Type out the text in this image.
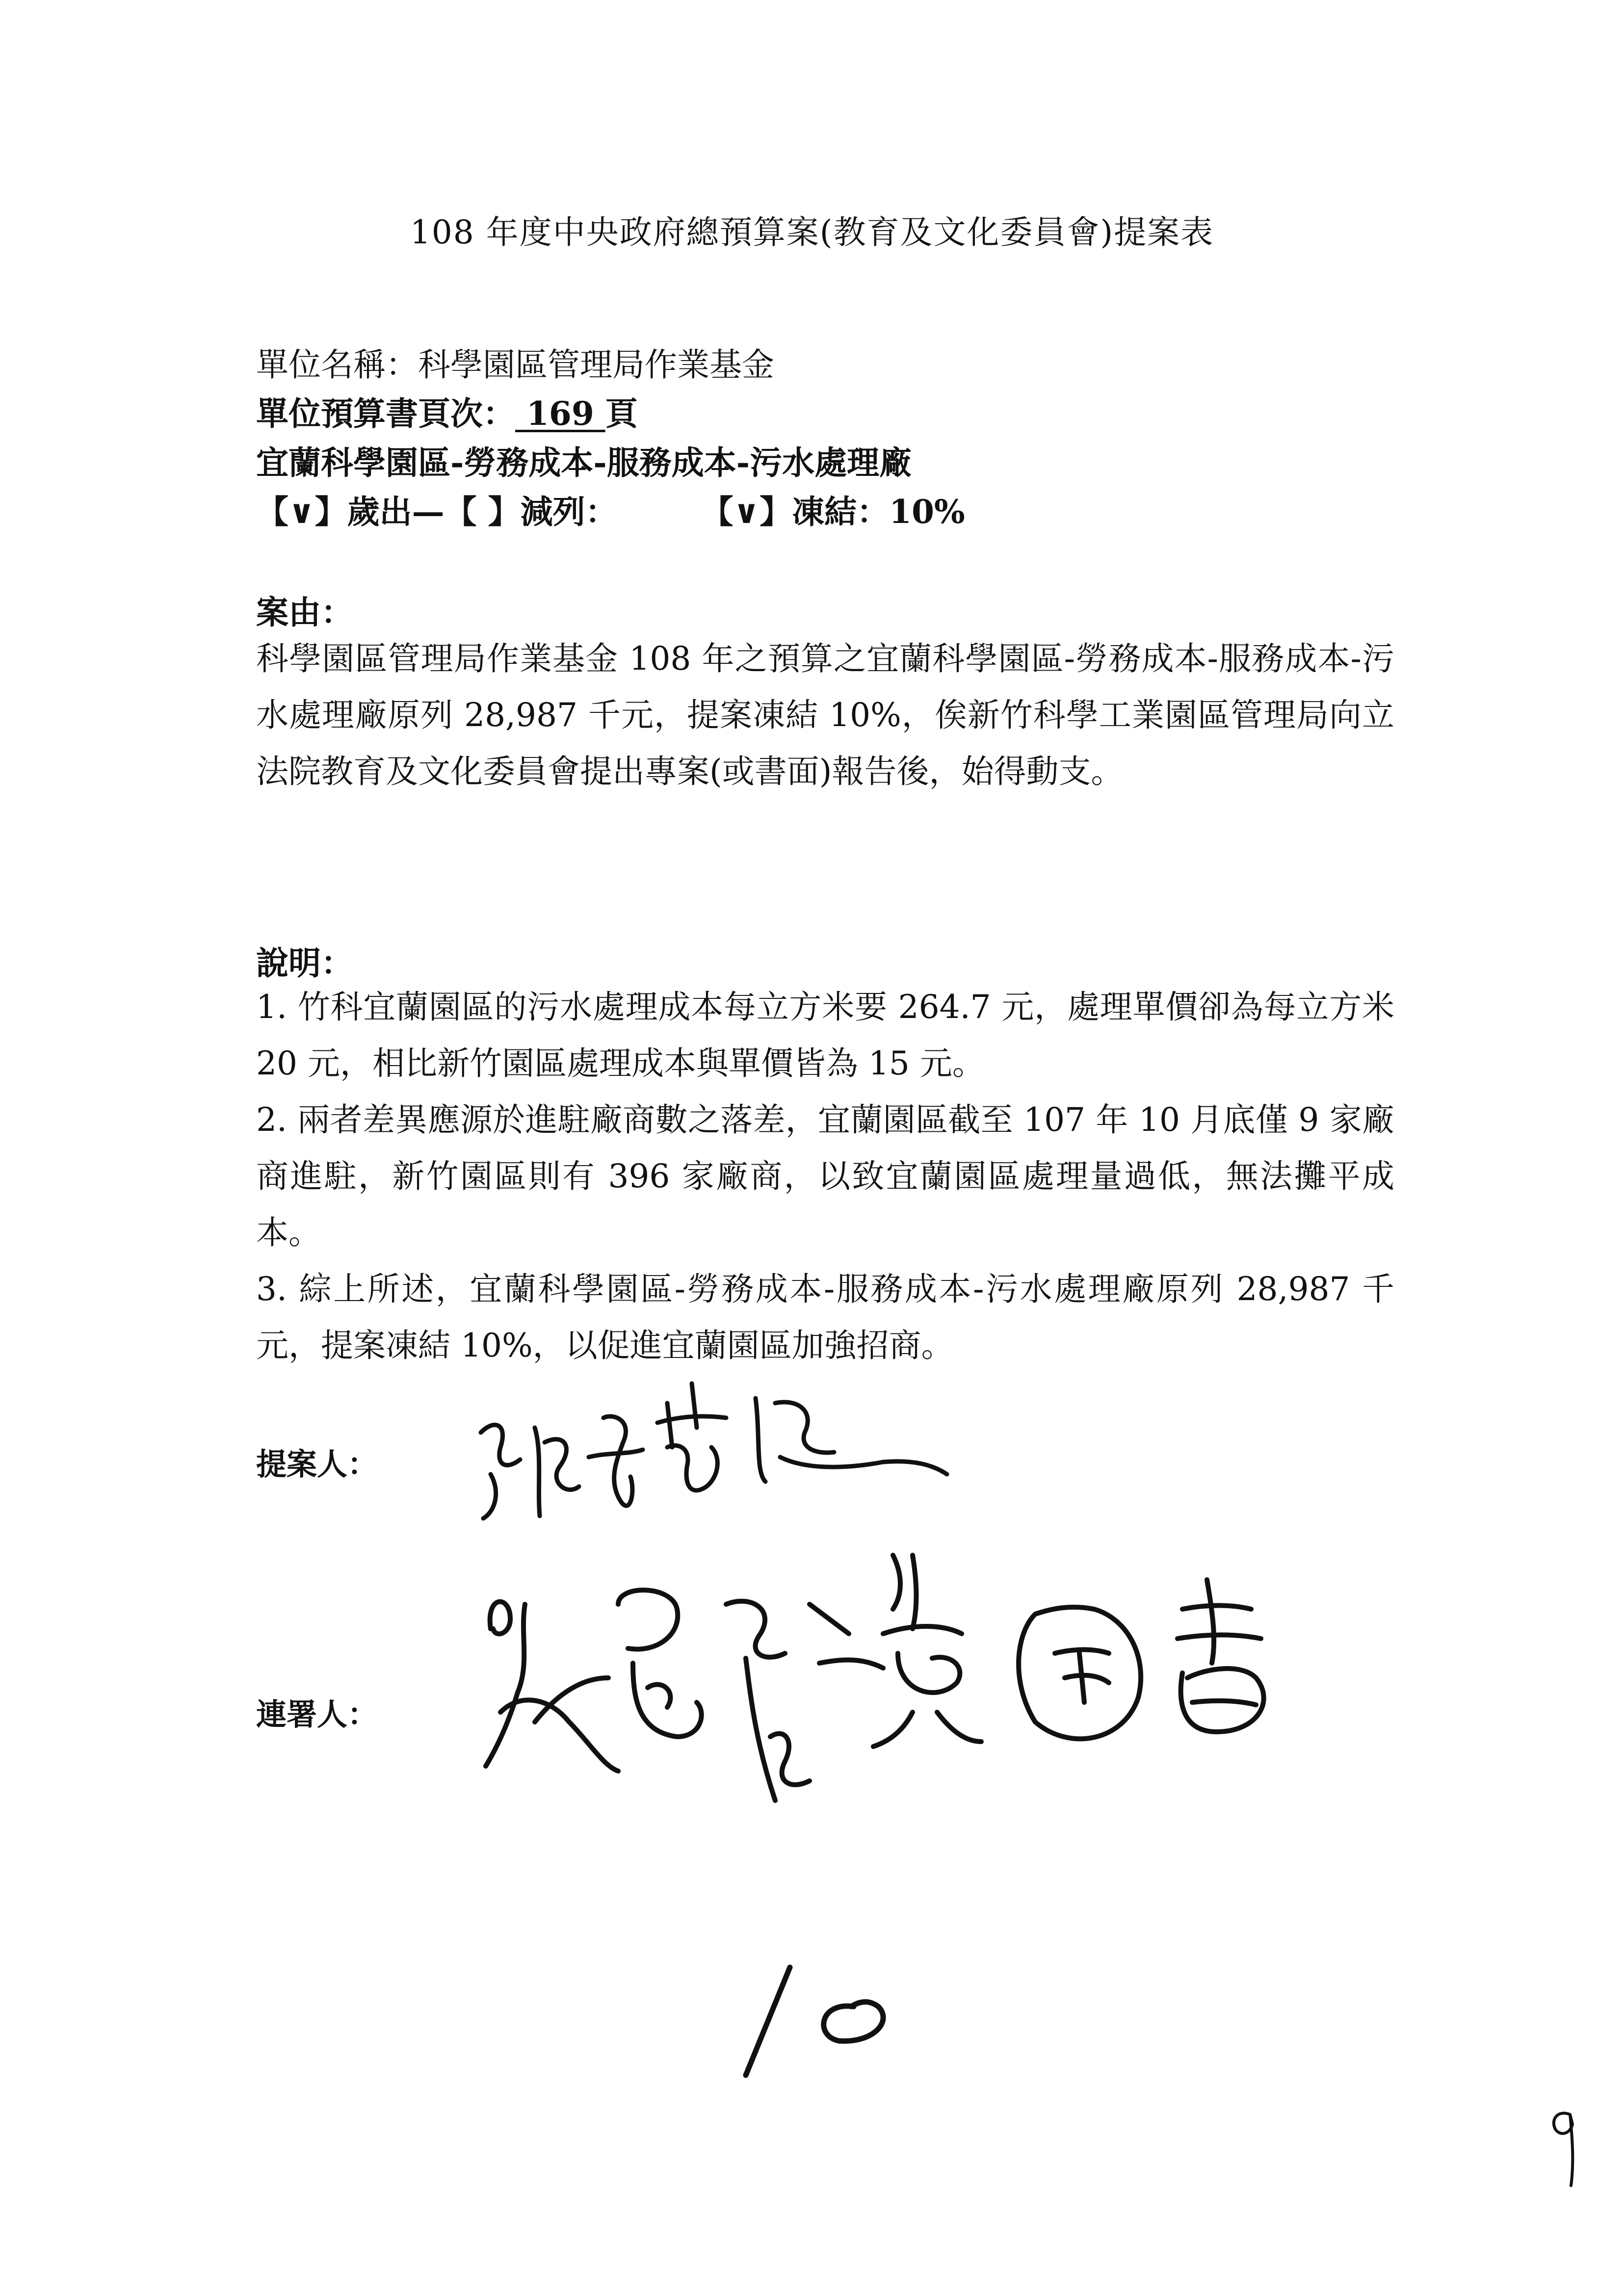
108 年度中央政府總預算案(教育及文化委員會)提案表
單位名稱：科學園區管理局作業基金
單位預算書頁次： 169 頁
宜蘭科學園區-勞務成本-服務成本-污水處理廠
【∨】歲出—【 】減列：	【∨】凍結：10%
案由：
科學園區管理局作業基金 108 年之預算之宜蘭科學園區-勞務成本-服務成本-污水處理廠原列 28,987 千元，提案凍結 10%，俟新竹科學工業園區管理局向立法院教育及文化委員會提出專案(或書面)報告後，始得動支。
說明：
1. 竹科宜蘭園區的污水處理成本每立方米要 264.7 元，處理單價卻為每立方米 20 元，相比新竹園區處理成本與單價皆為 15 元。
2. 兩者差異應源於進駐廠商數之落差，宜蘭園區截至 107 年 10 月底僅 9 家廠商進駐，新竹園區則有 396 家廠商，以致宜蘭園區處理量過低，無法攤平成本。
3. 綜上所述，宜蘭科學園區-勞務成本-服務成本-污水處理廠原列 28,987 千元，提案凍結 10%，以促進宜蘭園區加強招商。
提案人：
連署人：
